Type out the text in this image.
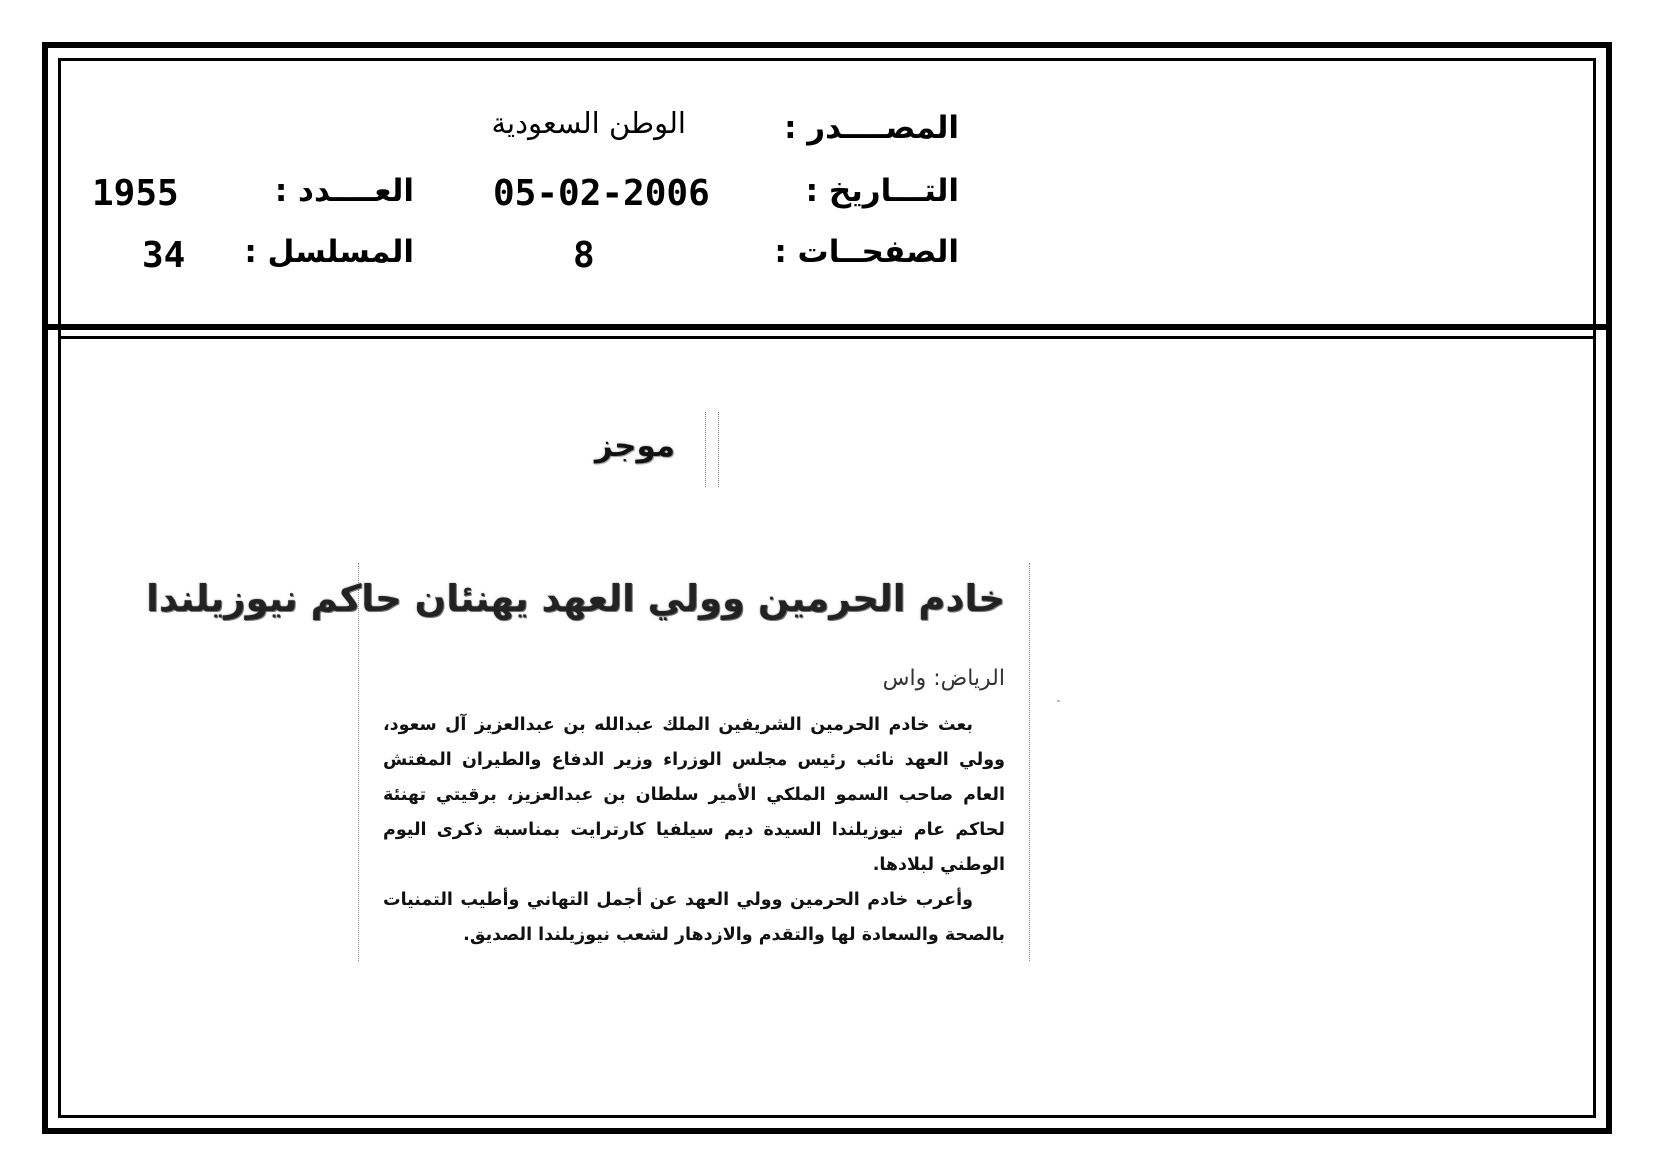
المصــــدر :
التـــاريخ :
الصفحــات :
الوطن السعودية
05-02-2006
8
العــــدد :
المسلسل :
1955
34
موجز
خادم الحرمين وولي العهد يهنئان حاكم نيوزيلندا
الرياض: واس

بعث خادم الحرمين الشريفين الملك عبدالله بن عبدالعزيز آل سعود، وولي العهد نائب رئيس مجلس الوزراء وزير الدفاع والطيران المفتش العام صاحب السمو الملكي الأمير سلطان بن عبدالعزيز، برقيتي تهنئة لحاكم عام نيوزيلندا السيدة ديم سيلفيا كارترايت بمناسبة ذكرى اليوم الوطني لبلادها.

وأعرب خادم الحرمين وولي العهد عن أجمل التهاني وأطيب التمنيات بالصحة والسعادة لها والتقدم والازدهار لشعب نيوزيلندا الصديق.
